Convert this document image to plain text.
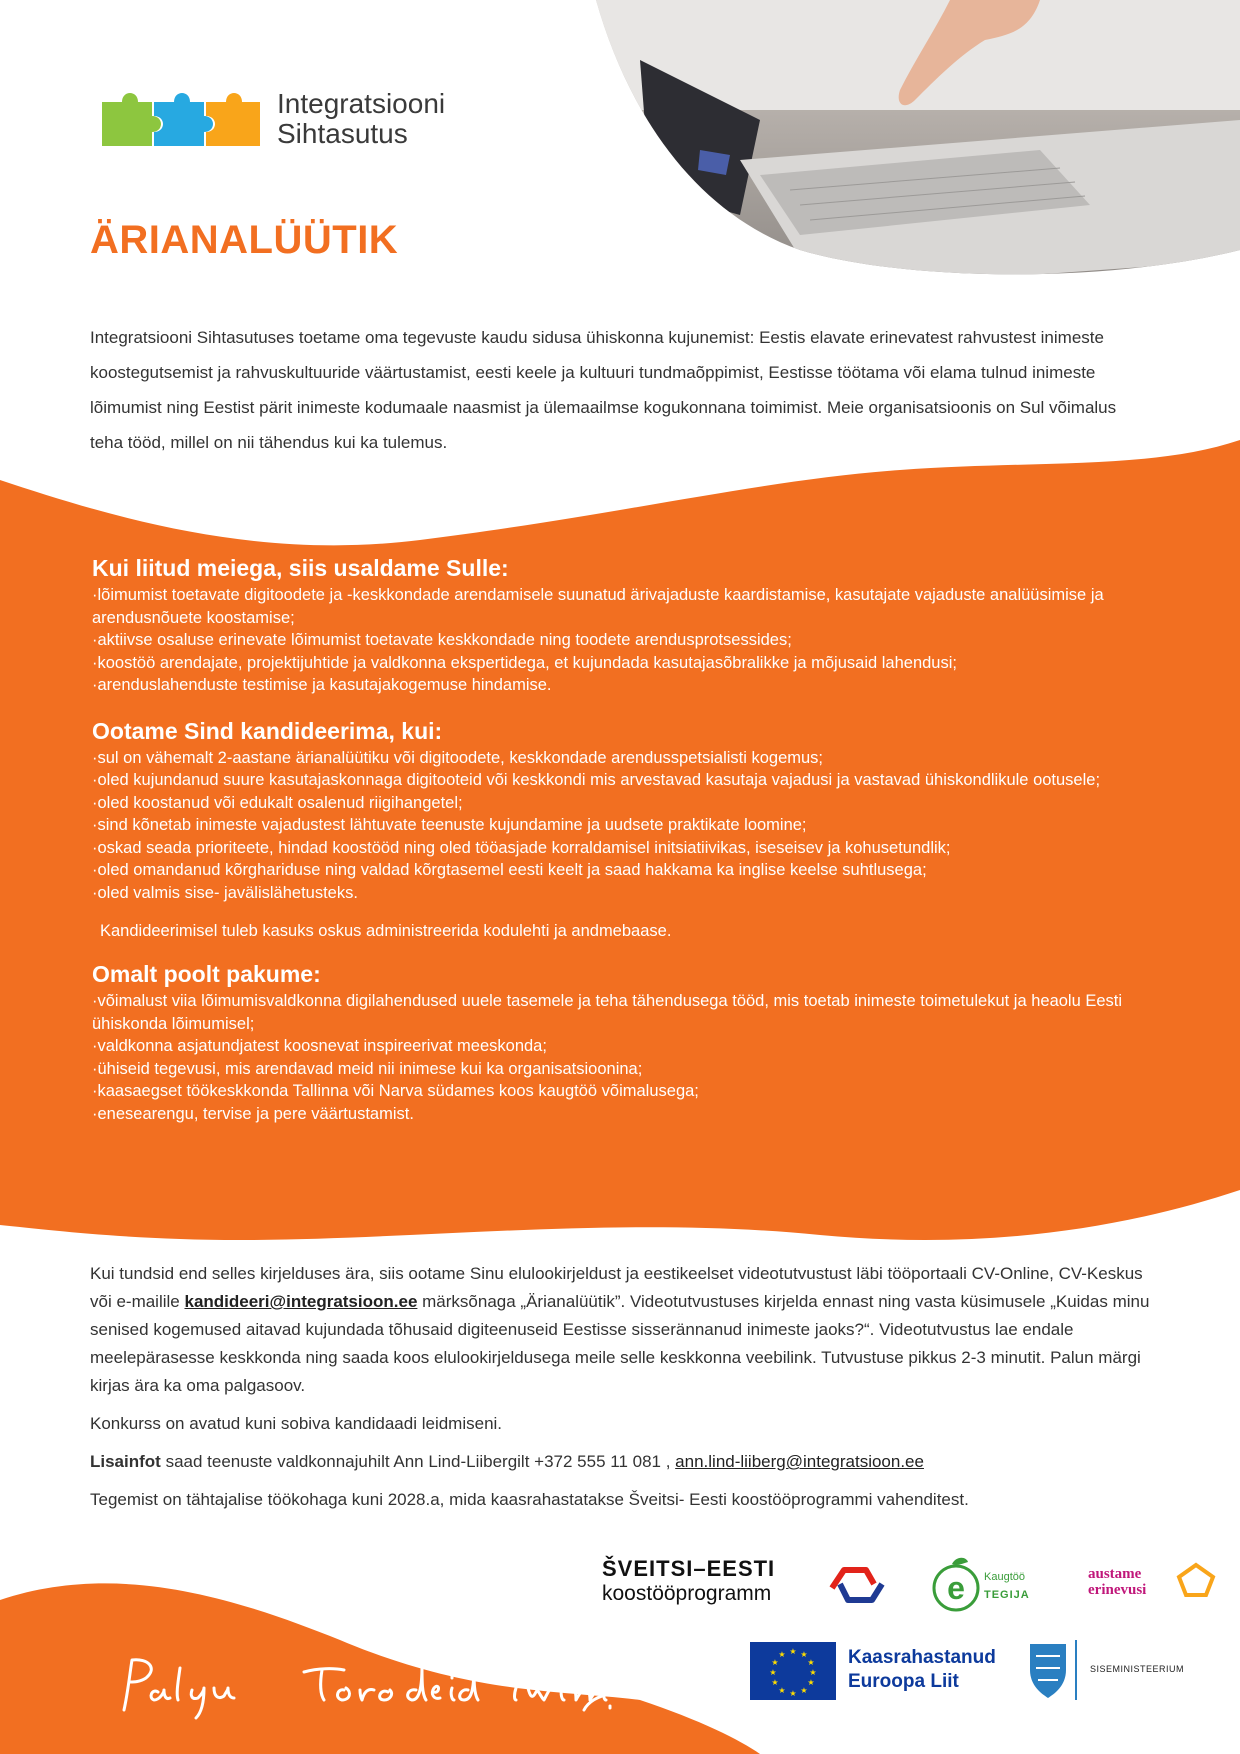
Integratsiooni
Sihtasutus
ÄRIANALÜÜTIK

Integratsiooni Sihtasutuses toetame oma tegevuste kaudu sidusa ühiskonna kujunemist: Eestis elavate erinevatest rahvustest inimeste koostegutsemist ja rahvuskultuuride väärtustamist, eesti keele ja kultuuri tundmaõppimist, Eestisse töötama või elama tulnud inimeste lõimumist ning Eestist pärit inimeste kodumaale naasmist ja ülemaailmse kogukonnana toimimist. Meie organisatsioonis on Sul võimalus teha tööd, millel on nii tähendus kui ka tulemus.

Kui liitud meiega, siis usaldame Sulle:
·lõimumist toetavate digitoodete ja -keskkondade arendamisele suunatud ärivajaduste kaardistamise, kasutajate vajaduste analüüsimise ja arendusnõuete koostamise;
·aktiivse osaluse erinevate lõimumist toetavate keskkondade ning toodete arendusprotsessides;
·koostöö arendajate, projektijuhtide ja valdkonna ekspertidega, et kujundada kasutajasõbralikke ja mõjusaid lahendusi;
·arenduslahenduste testimise ja kasutajakogemuse hindamise.
Ootame Sind kandideerima, kui:
·sul on vähemalt 2-aastane ärianalüütiku või digitoodete, keskkondade arendusspetsialisti kogemus;
·oled kujundanud suure kasutajaskonnaga digitooteid või keskkondi mis arvestavad kasutaja vajadusi ja vastavad ühiskondlikule ootusele;
·oled koostanud või edukalt osalenud riigihangetel;
·sind kõnetab inimeste vajadustest lähtuvate teenuste kujundamine ja uudsete praktikate loomine;
·oskad seada prioriteete, hindad koostööd ning oled tööasjade korraldamisel initsiatiivikas, iseseisev ja kohusetundlik;
·oled omandanud kõrghariduse ning valdad kõrgtasemel eesti keelt ja saad hakkama ka inglise keelse suhtlusega;
·oled valmis sise- javälislähetusteks.
Kandideerimisel tuleb kasuks oskus administreerida kodulehti ja andmebaase.
Omalt poolt pakume:
·võimalust viia lõimumisvaldkonna digilahendused uuele tasemele ja teha tähendusega tööd, mis toetab inimeste toimetulekut ja heaolu Eesti ühiskonda lõimumisel;
·valdkonna asjatundjatest koosnevat inspireerivat meeskonda;
·ühiseid tegevusi, mis arendavad meid nii inimese kui ka organisatsioonina;
·kaasaegset töökeskkonda Tallinna või Narva südames koos kaugtöö võimalusega;
·enesearengu, tervise ja pere väärtustamist.

Kui tundsid end selles kirjelduses ära, siis ootame Sinu elulookirjeldust ja eestikeelset videotutvustust läbi tööportaali CV-Online, CV-Keskus või e-mailile kandideeri@integratsioon.ee märksõnaga „Ärianalüütik”. Videotutvustuses kirjelda ennast ning vasta küsimusele „Kuidas minu senised kogemused aitavad kujundada tõhusaid digiteenuseid Eestisse sisserännanud inimeste jaoks?“. Videotutvustus lae endale meelepärasesse keskkonda ning saada koos elulookirjeldusega meile selle keskkonna veebilink. Tutvustuse pikkus 2-3 minutit. Palun märgi kirjas ära ka oma palgasoov.

Konkurss on avatud kuni sobiva kandidaadi leidmiseni.

Lisainfot saad teenuste valdkonnajuhilt Ann Lind-Liibergilt +372 555 11 081 , ann.lind-liiberg@integratsioon.ee

Tegemist on tähtajalise töökohaga kuni 2028.a, mida kaasrahastatakse Šveitsi- Eesti koostööprogrammi vahenditest.

ŠVEITSI–EESTI
koostööprogramm	e Kaugtöö
TEGIJA
austame
erinevusi
★ ★
★
★
★
★
★
★
★
★
★
★	Kaasrahastanud
Euroopa Liit
SISEMINISTEERIUM
